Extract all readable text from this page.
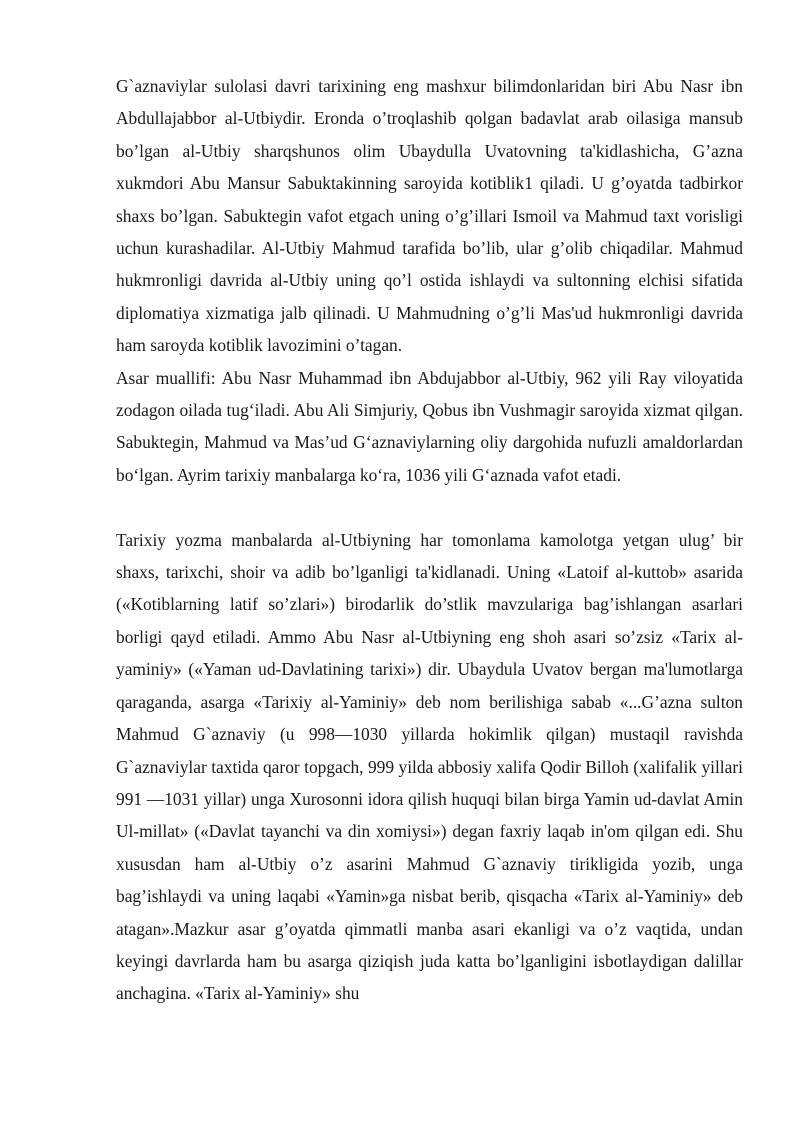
G`aznaviylar sulolasi davri tarixining eng mashxur bilimdonlaridan biri Abu Nasr ibn Abdullajabbor al-Utbiydir. Eronda o’troqlashib qolgan badavlat arab oilasiga mansub bo’lgan al-Utbiy sharqshunos olim Ubaydulla Uvatovning ta'kidlashicha, G’azna xukmdori Abu Mansur Sabuktakinning saroyida kotiblik1 qiladi. U g’oyatda tadbirkor shaxs bo’lgan. Sabuktegin vafot etgach uning o’g’illari Ismoil va Mahmud taxt vorisligi uchun kurashadilar. Al-Utbiy Mahmud tarafida bo’lib, ular g’olib chiqadilar. Mahmud hukmronligi davrida al-Utbiy uning qo’l ostida ishlaydi va sultonning elchisi sifatida diplomatiya xizmatiga jalb qilinadi. U Mahmudning o’g’li Mas'ud hukmronligi davrida ham saroyda kotiblik lavozimini o’tagan.

Asar muallifi: Abu Nasr Muhammad ibn Abdujabbor al-Utbiy, 962 yili Ray viloyatida zodagon oilada tug‘iladi. Abu Ali Simjuriy, Qobus ibn Vushmagir saroyida xizmat qilgan. Sabuktegin, Mahmud va Mas’ud G‘aznaviylarning oliy dargohida nufuzli amaldorlardan bo‘lgan. Ayrim tarixiy manbalarga ko‘ra, 1036 yili G‘aznada vafot etadi.

Tarixiy yozma manbalarda al-Utbiyning har tomonlama kamolotga yetgan ulug’ bir shaxs, tarixchi, shoir va adib bo’lganligi ta'kidlanadi. Uning «Latoif al-kuttob» asarida («Kotiblarning latif so’zlari») birodarlik do’stlik mavzulariga bag’ishlangan asarlari borligi qayd etiladi. Ammo Abu Nasr al-Utbiyning eng shoh asari so’zsiz «Tarix al-yaminiy» («Yaman ud-Davlatining tarixi») dir. Ubaydula Uvatov bergan ma'lumotlarga qaraganda, asarga «Tarixiy al-Yaminiy» deb nom berilishiga sabab «...G’azna sulton Mahmud G`aznaviy (u 998—1030 yillarda hokimlik qilgan) mustaqil ravishda G`aznaviylar taxtida qaror topgach, 999 yilda abbosiy xalifa Qodir Billoh (xalifalik yillari 991 —1031 yillar) unga Xurosonni idora qilish huquqi bilan birga Yamin ud-davlat Amin Ul-millat» («Davlat tayanchi va din xomiysi») degan faxriy laqab in'om qilgan edi. Shu xususdan ham al-Utbiy o’z asarini Mahmud G`aznaviy tirikligida yozib, unga bag’ishlaydi va uning laqabi «Yamin»ga nisbat berib, qisqacha «Tarix al-Yaminiy» deb atagan».Mazkur asar g’oyatda qimmatli manba asari ekanligi va o’z vaqtida, undan keyingi davrlarda ham bu asarga qiziqish juda katta bo’lganligini isbotlaydigan dalillar anchagina. «Tarix al-Yaminiy» shu
